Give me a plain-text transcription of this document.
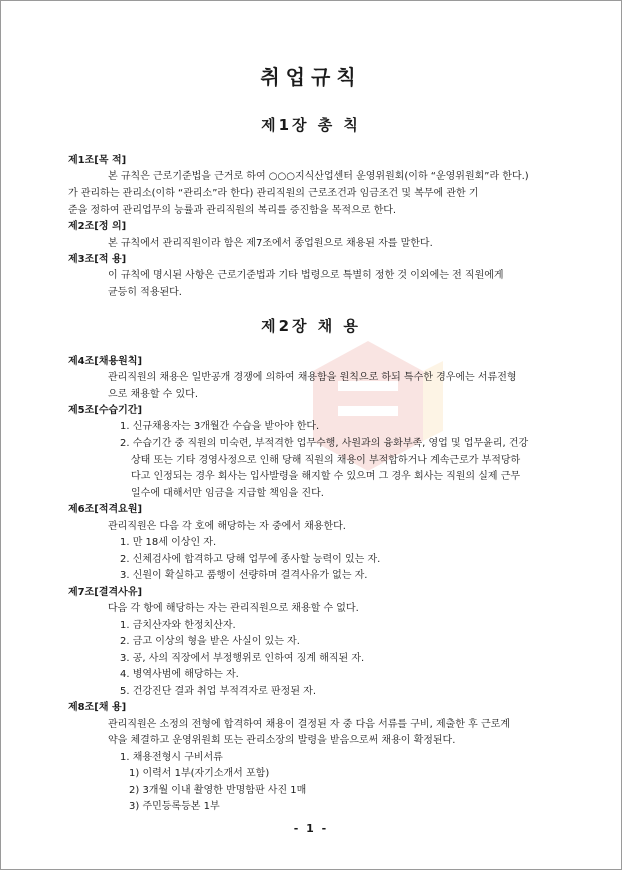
취업규칙
제1장 총 칙
제1조[목 적]
본 규칙은 근로기준법을 근거로 하여 ○○○지식산업센터 운영위원회(이하 “운영위원회”라 한다.)
가 관리하는 관리소(이하 “관리소”라 한다) 관리직원의 근로조건과 임금조건 및 복무에 관한 기
준을 정하여 관리업무의 능률과 관리직원의 복리를 증진함을 목적으로 한다.
제2조[정 의]
본 규칙에서 관리직원이라 함은 제7조에서 종업원으로 채용된 자를 말한다.
제3조[적 용]
이 규칙에 명시된 사항은 근로기준법과 기타 법령으로 특별히 정한 것 이외에는 전 직원에게
균등히 적용된다.
제2장 채 용
제4조[채용원칙]
관리직원의 채용은 일반공개 경쟁에 의하여 채용함을 원칙으로 하되 특수한 경우에는 서류전형
으로 채용할 수 있다.
제5조[수습기간]
1. 신규채용자는 3개월간 수습을 받아야 한다.
2. 수습기간 중 직원의 미숙련, 부적격한 업무수행, 사원과의 융화부족, 영업 및 업무윤리, 건강
상태 또는 기타 경영사정으로 인해 당해 직원의 채용이 부적합하거나 계속근로가 부적당하
다고 인정되는 경우 회사는 입사발령을 해지할 수 있으며 그 경우 회사는 직원의 실제 근무
일수에 대해서만 임금을 지급할 책임을 진다.
제6조[적격요원]
관리직원은 다음 각 호에 해당하는 자 중에서 채용한다.
1. 만 18세 이상인 자.
2. 신체검사에 합격하고 당해 업무에 종사할 능력이 있는 자.
3. 신원이 확실하고 품행이 선량하며 결격사유가 없는 자.
제7조[결격사유]
다음 각 항에 해당하는 자는 관리직원으로 채용할 수 없다.
1. 금치산자와 한정치산자.
2. 금고 이상의 형을 받은 사실이 있는 자.
3. 공, 사의 직장에서 부정행위로 인하여 징계 해직된 자.
4. 병역사범에 해당하는 자.
5. 건강진단 결과 취업 부적격자로 판정된 자.
제8조[채 용]
관리직원은 소정의 전형에 합격하여 채용이 결정된 자 중 다음 서류를 구비, 제출한 후 근로계
약을 체결하고 운영위원회 또는 관리소장의 발령을 받음으로써 채용이 확정된다.
1. 채용전형시 구비서류
1) 이력서 1부(자기소개서 포함)
2) 3개월 이내 촬영한 반명함판 사진 1매
3) 주민등록등본 1부
- 1 -
